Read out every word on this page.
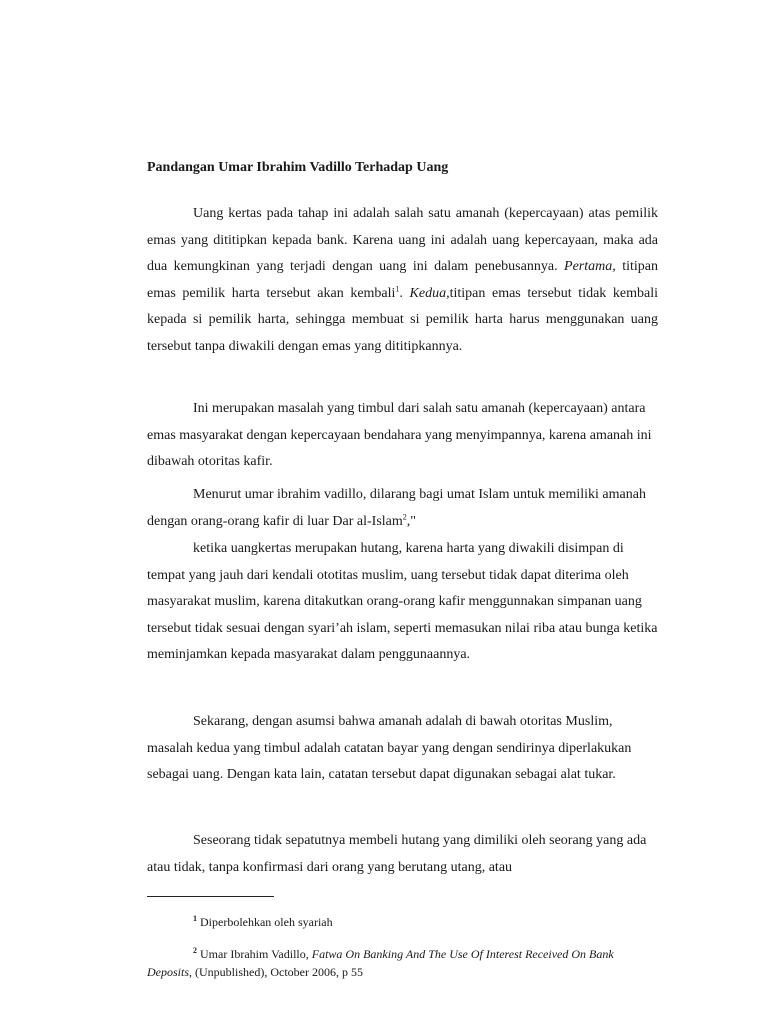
Pandangan Umar Ibrahim Vadillo Terhadap Uang

Uang kertas pada tahap ini adalah salah satu amanah (kepercayaan) atas pemilik emas yang dititipkan kepada bank. Karena uang ini adalah uang kepercayaan, maka ada dua kemungkinan yang terjadi dengan uang ini dalam penebusannya. Pertama, titipan emas pemilik harta tersebut akan kembali$^1$. Kedua,titipan emas tersebut tidak kembali kepada si pemilik harta, sehingga membuat si pemilik harta harus menggunakan uang tersebut tanpa diwakili dengan emas yang dititipkannya.

Ini merupakan masalah yang timbul dari salah satu amanah (kepercayaan) antara emas masyarakat dengan kepercayaan bendahara yang menyimpannya, karena amanah ini dibawah otoritas kafir.

Menurut umar ibrahim vadillo, dilarang bagi umat Islam untuk memiliki amanah dengan orang-orang kafir di luar Dar al-Islam$^2$,"

ketika uangkertas merupakan hutang, karena harta yang diwakili disimpan di tempat yang jauh dari kendali ototitas muslim, uang tersebut tidak dapat diterima oleh masyarakat muslim, karena ditakutkan orang-orang kafir menggunnakan simpanan uang tersebut tidak sesuai dengan syari’ah islam, seperti memasukan nilai riba atau bunga ketika meminjamkan kepada masyarakat dalam penggunaannya.

Sekarang, dengan asumsi bahwa amanah adalah di bawah otoritas Muslim, masalah kedua yang timbul adalah catatan bayar yang dengan sendirinya diperlakukan sebagai uang. Dengan kata lain, catatan tersebut dapat digunakan sebagai alat tukar.

Seseorang tidak sepatutnya membeli hutang yang dimiliki oleh seorang yang ada atau tidak, tanpa konfirmasi dari orang yang berutang utang, atau

$^1$ Diperbolehkan oleh syariah

$^2$ Umar Ibrahim Vadillo, Fatwa On Banking And The Use Of Interest Received On Bank Deposits, (Unpublished), October 2006, p 55
